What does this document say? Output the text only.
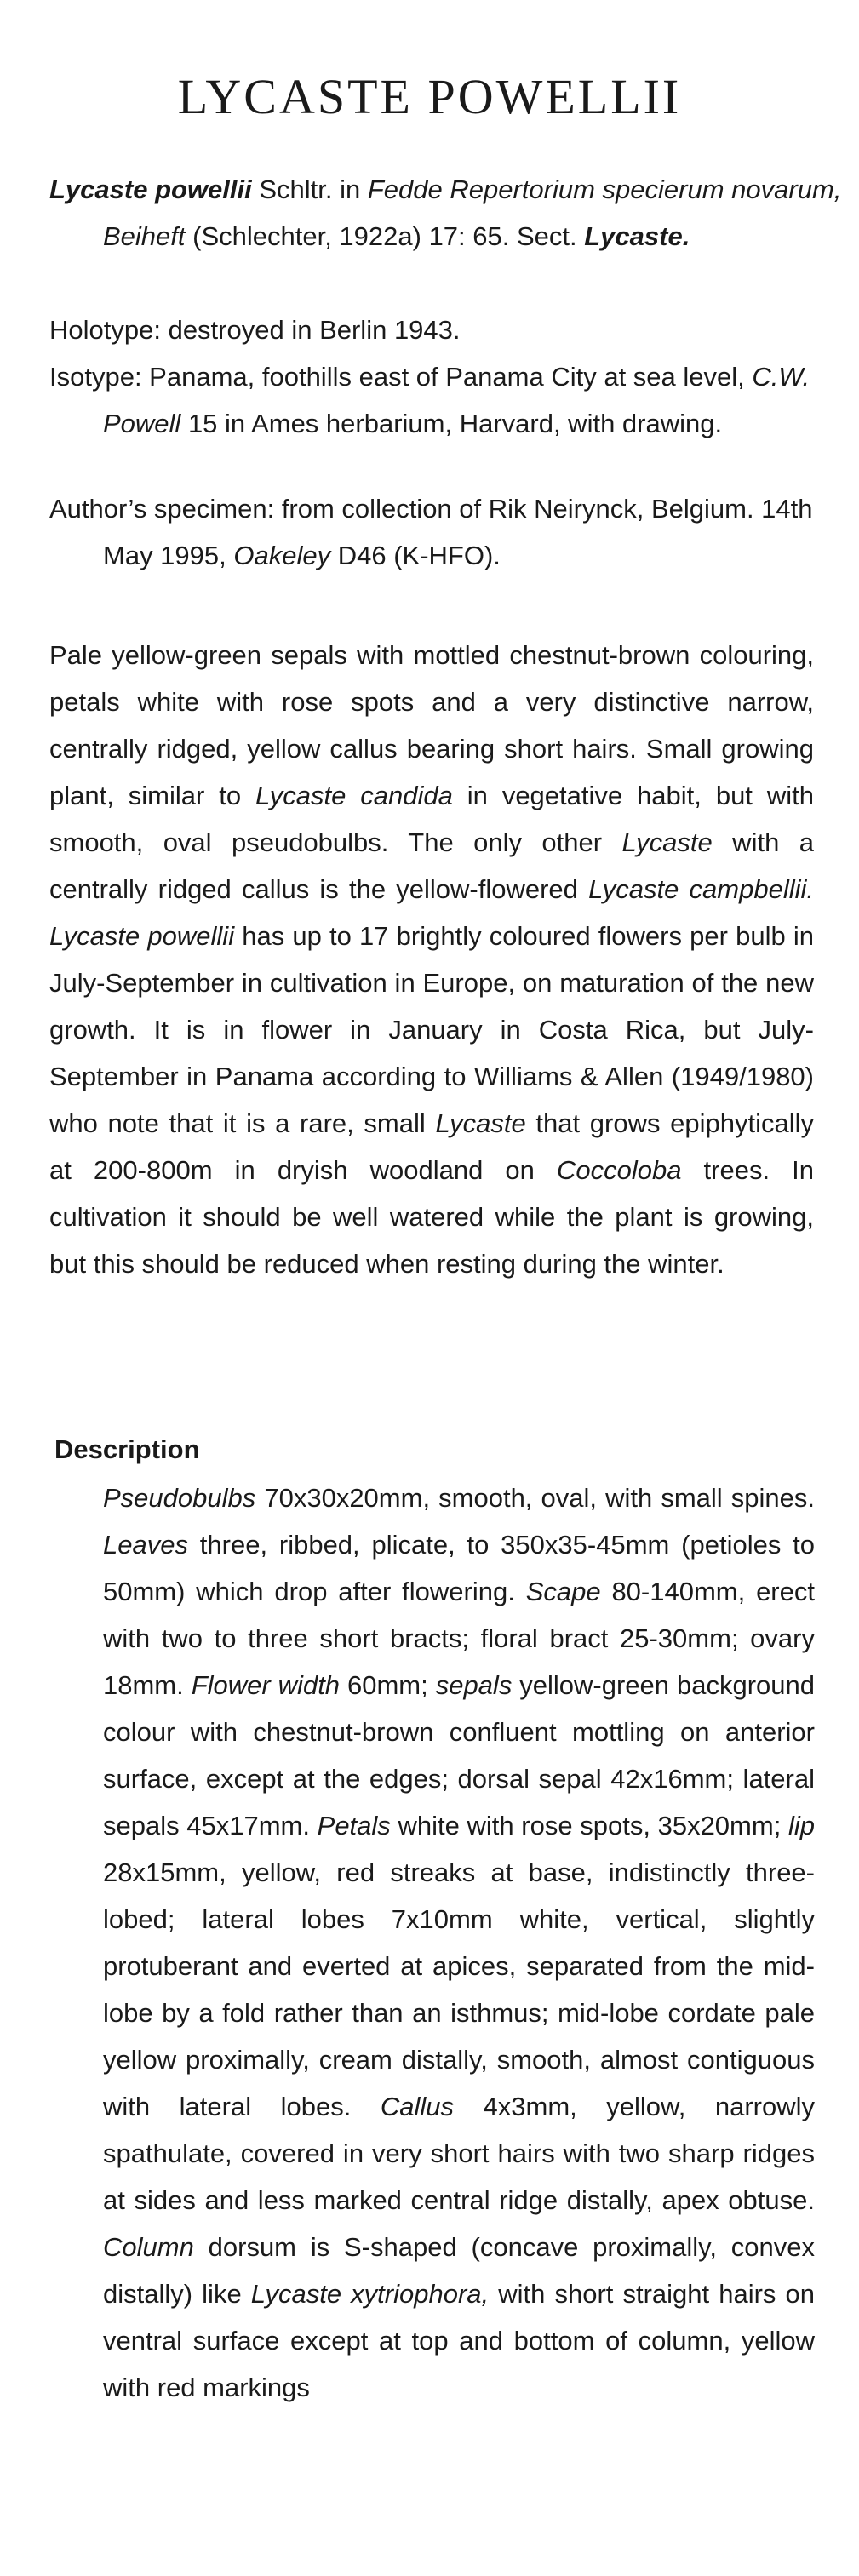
LYCASTE POWELLII
Lycaste powellii Schltr. in Fedde Repertorium specierum novarum, Beiheft (Schlechter, 1922a) 17: 65. Sect. Lycaste.
Holotype: destroyed in Berlin 1943.
Isotype: Panama, foothills east of Panama City at sea level, C.W. Powell 15 in Ames herbarium, Harvard, with drawing.
Author’s specimen: from collection of Rik Neirynck, Belgium. 14th May 1995, Oakeley D46 (K-HFO).
Pale yellow-green sepals with mottled chestnut-brown colouring, petals white with rose spots and a very distinctive narrow, centrally ridged, yellow callus bearing short hairs. Small growing plant, similar to Lycaste candida in vegetative habit, but with smooth, oval pseudobulbs. The only other Lycaste with a centrally ridged callus is the yellow-flowered Lycaste campbellii. Lycaste powellii has up to 17 brightly coloured flowers per bulb in July-September in cultivation in Europe, on maturation of the new growth. It is in flower in January in Costa Rica, but July-September in Panama according to Williams & Allen (1949/1980) who note that it is a rare, small Lycaste that grows epiphytically at 200-800m in dryish woodland on Coccoloba trees. In cultivation it should be well watered while the plant is growing, but this should be reduced when resting during the winter.
Description
Pseudobulbs 70x30x20mm, smooth, oval, with small spines. Leaves three, ribbed, plicate, to 350x35-45mm (petioles to 50mm) which drop after flowering. Scape 80-140mm, erect with two to three short bracts; floral bract 25-30mm; ovary 18mm. Flower width 60mm; sepals yellow-green background colour with chestnut-brown confluent mottling on anterior surface, except at the edges; dorsal sepal 42x16mm; lateral sepals 45x17mm. Petals white with rose spots, 35x20mm; lip 28x15mm, yellow, red streaks at base, indistinctly three-lobed; lateral lobes 7x10mm white, vertical, slightly protuberant and everted at apices, separated from the mid-lobe by a fold rather than an isthmus; mid-lobe cordate pale yellow proximally, cream distally, smooth, almost contiguous with lateral lobes. Callus 4x3mm, yellow, narrowly spathulate, covered in very short hairs with two sharp ridges at sides and less marked central ridge distally, apex obtuse. Column dorsum is S-shaped (concave proximally, convex distally) like Lycaste xytriophora, with short straight hairs on ventral surface except at top and bottom of column, yellow with red markings
